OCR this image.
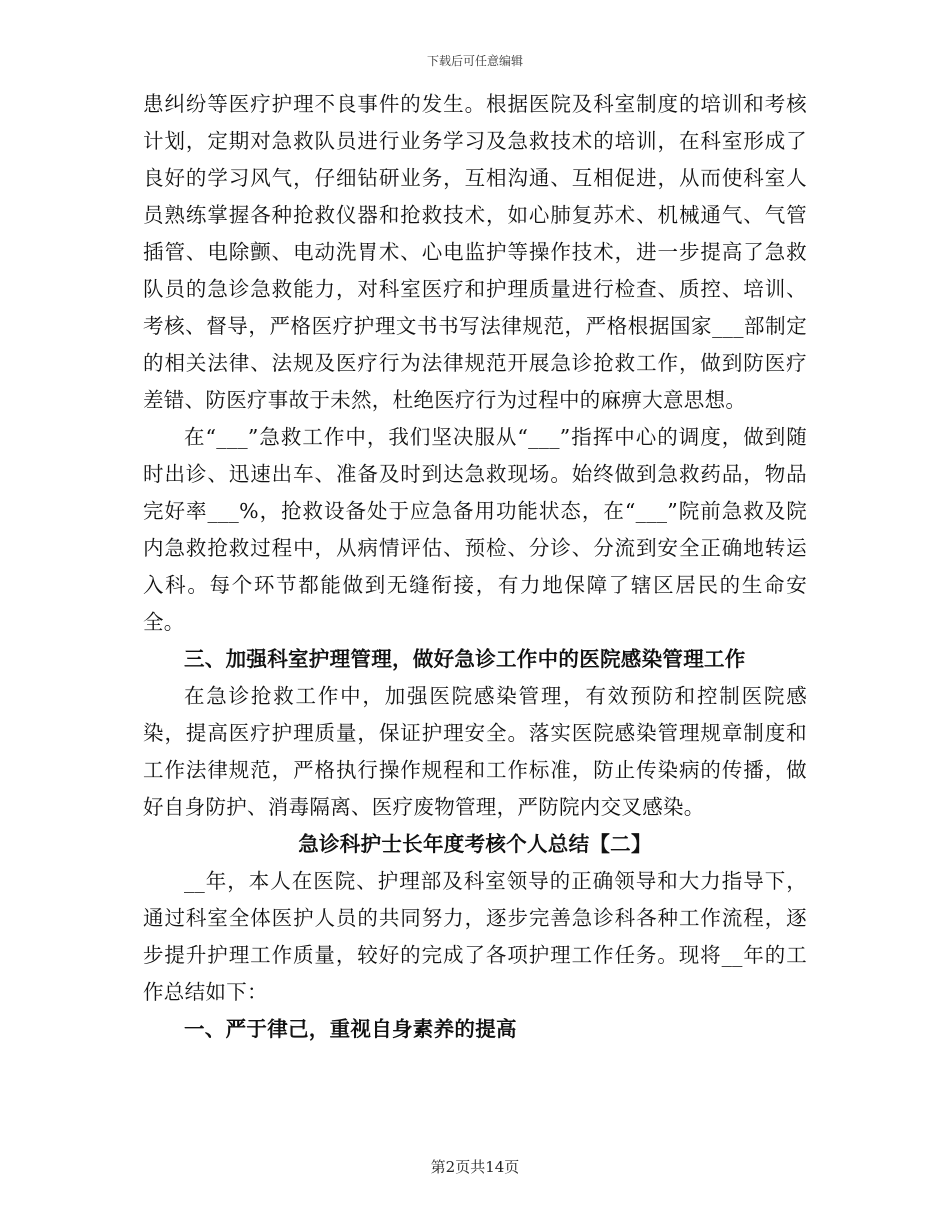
下载后可任意编辑

患纠纷等医疗护理不良事件的发生。根据医院及科室制度的培训和考核计划，定期对急救队员进行业务学习及急救技术的培训，在科室形成了良好的学习风气，仔细钻研业务，互相沟通、互相促进，从而使科室人员熟练掌握各种抢救仪器和抢救技术，如心肺复苏术、机械通气、气管插管、电除颤、电动洗胃术、心电监护等操作技术，进一步提高了急救队员的急诊急救能力，对科室医疗和护理质量进行检查、质控、培训、考核、督导，严格医疗护理文书书写法律规范，严格根据国家___部制定的相关法律、法规及医疗行为法律规范开展急诊抢救工作，做到防医疗差错、防医疗事故于未然，杜绝医疗行为过程中的麻痹大意思想。

在“___”急救工作中，我们坚决服从“___”指挥中心的调度，做到随时出诊、迅速出车、准备及时到达急救现场。始终做到急救药品，物品完好率___%，抢救设备处于应急备用功能状态，在“___”院前急救及院内急救抢救过程中，从病情评估、预检、分诊、分流到安全正确地转运入科。每个环节都能做到无缝衔接，有力地保障了辖区居民的生命安全。

三、加强科室护理管理，做好急诊工作中的医院感染管理工作

在急诊抢救工作中，加强医院感染管理，有效预防和控制医院感染，提高医疗护理质量，保证护理安全。落实医院感染管理规章制度和工作法律规范，严格执行操作规程和工作标准，防止传染病的传播，做好自身防护、消毒隔离、医疗废物管理，严防院内交叉感染。

急诊科护士长年度考核个人总结【二】

__年，本人在医院、护理部及科室领导的正确领导和大力指导下，通过科室全体医护人员的共同努力，逐步完善急诊科各种工作流程，逐步提升护理工作质量，较好的完成了各项护理工作任务。现将__年的工作总结如下：

一、严于律己，重视自身素养的提高

第2页共14页
